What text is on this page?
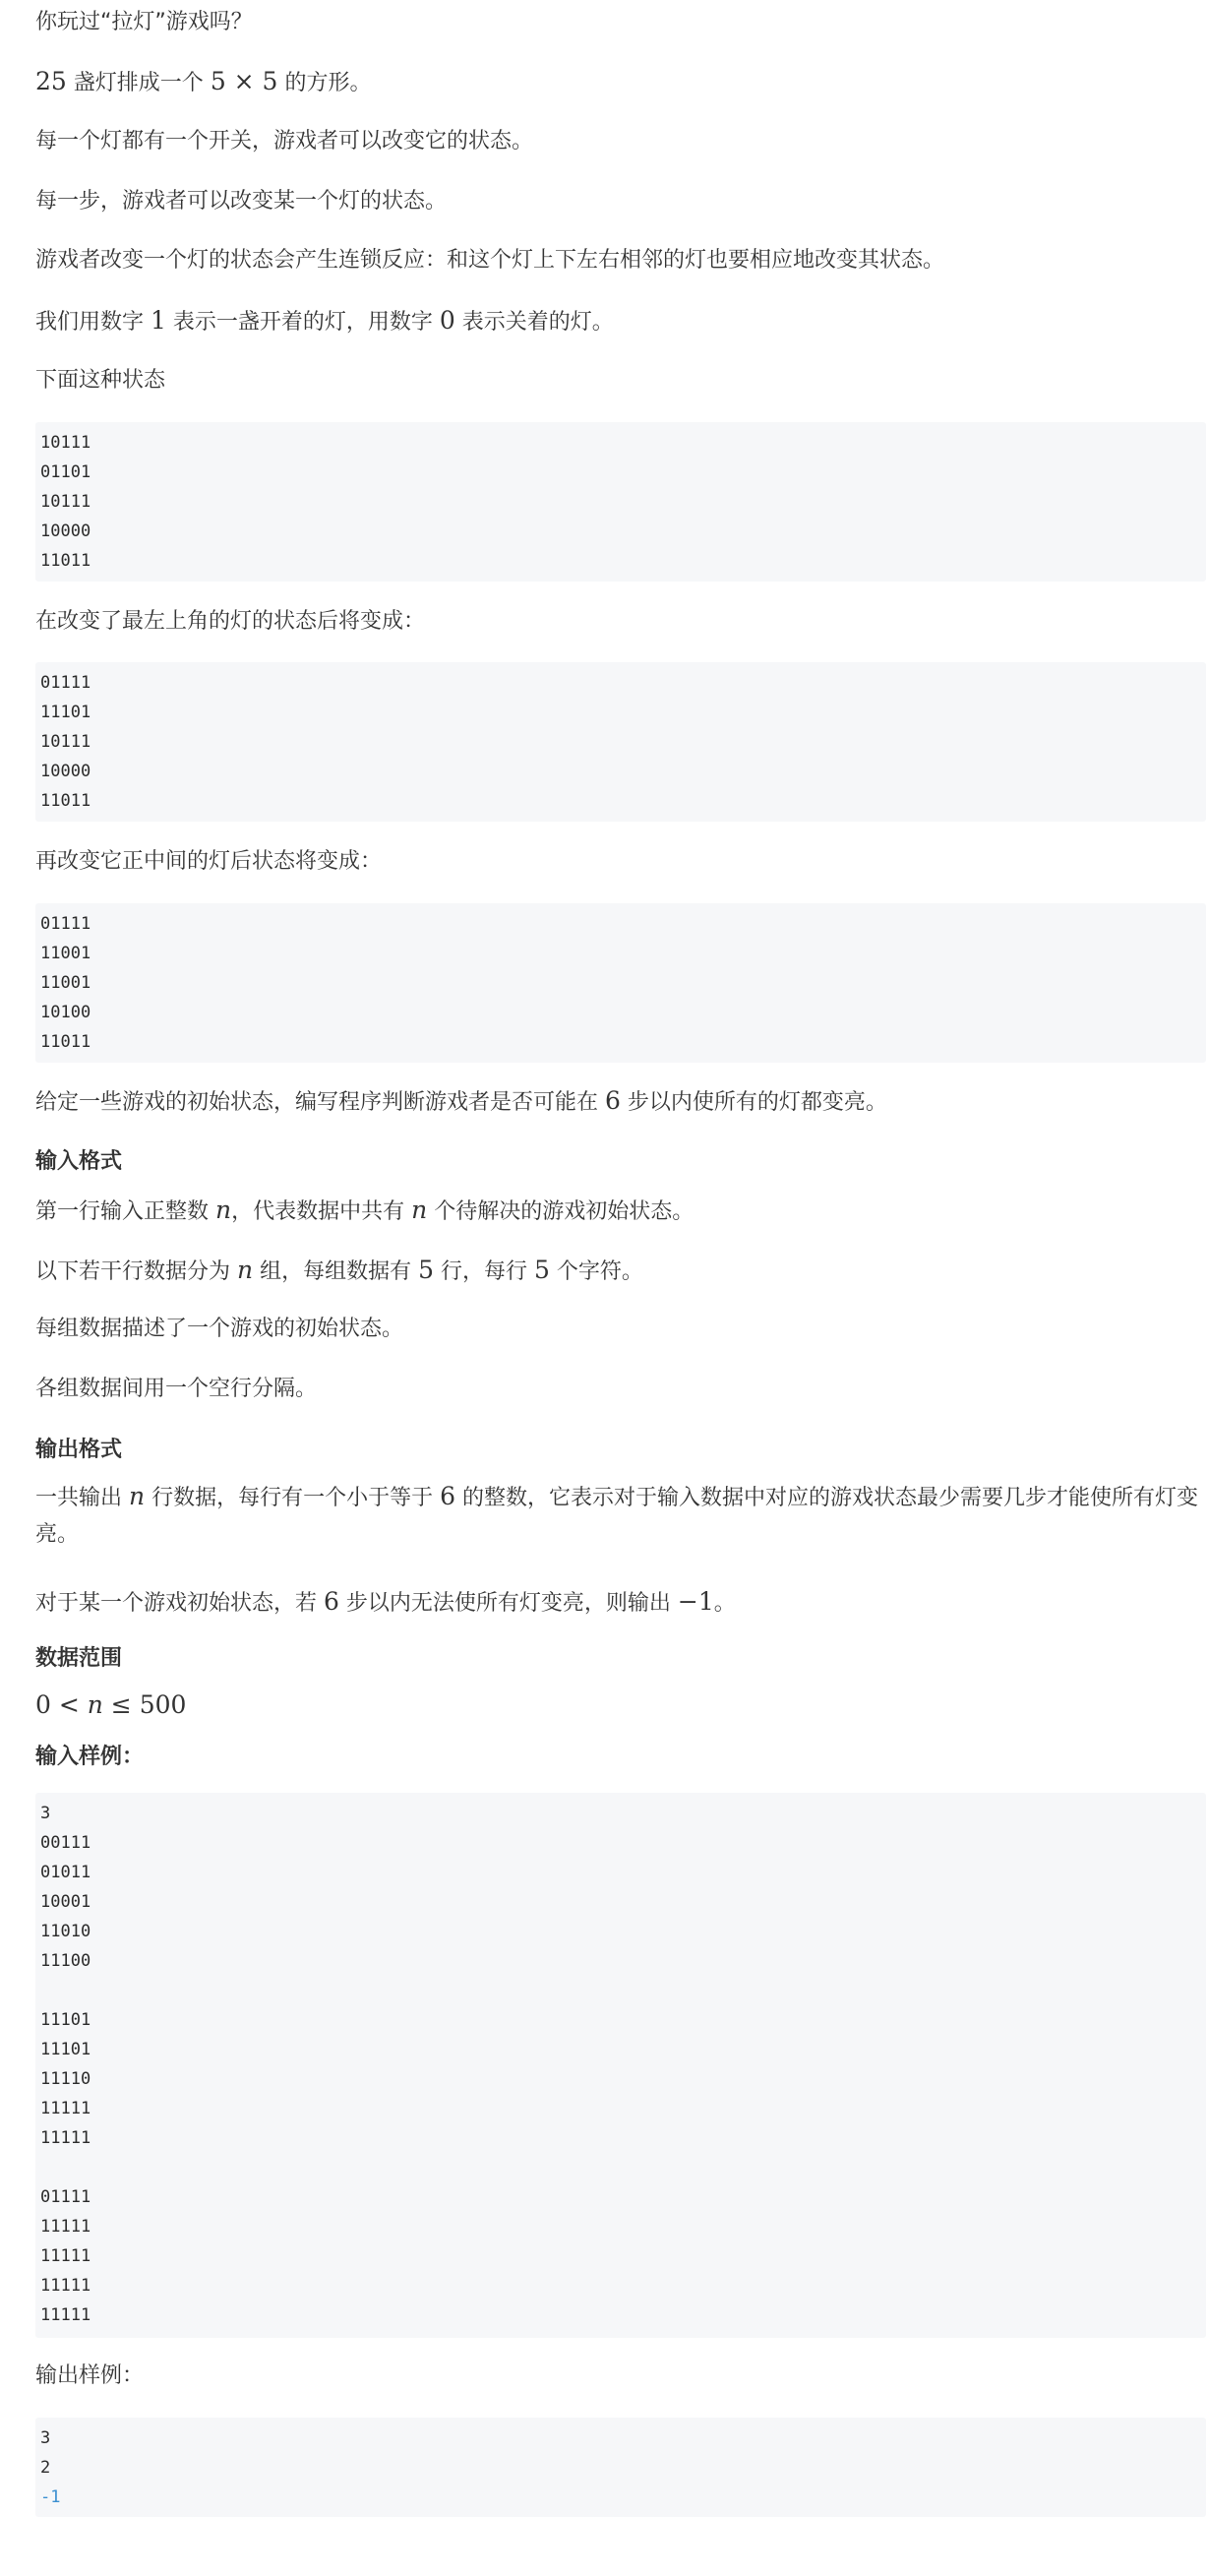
你玩过“拉灯”游戏吗？
25 盏灯排成一个 5 × 5 的方形。
每一个灯都有一个开关，游戏者可以改变它的状态。
每一步，游戏者可以改变某一个灯的状态。
游戏者改变一个灯的状态会产生连锁反应：和这个灯上下左右相邻的灯也要相应地改变其状态。
我们用数字 1 表示一盏开着的灯，用数字 0 表示关着的灯。
下面这种状态
10111
01101
10111
10000
11011
在改变了最左上角的灯的状态后将变成：
01111
11101
10111
10000
11011
再改变它正中间的灯后状态将变成：
01111
11001
11001
10100
11011
给定一些游戏的初始状态，编写程序判断游戏者是否可能在 6 步以内使所有的灯都变亮。
输入格式
第一行输入正整数 n，代表数据中共有 n 个待解决的游戏初始状态。
以下若干行数据分为 n 组，每组数据有 5 行，每行 5 个字符。
每组数据描述了一个游戏的初始状态。
各组数据间用一个空行分隔。
输出格式
一共输出 n 行数据，每行有一个小于等于 6 的整数，它表示对于输入数据中对应的游戏状态最少需要几步才能使所有灯变亮。
对于某一个游戏初始状态，若 6 步以内无法使所有灯变亮，则输出 −1。
数据范围
0 < n ≤ 500
输入样例：
3
00111
01011
10001
11010
11100
11101
11101
11110
11111
11111
01111
11111
11111
11111
11111
输出样例：
3
2
-1
